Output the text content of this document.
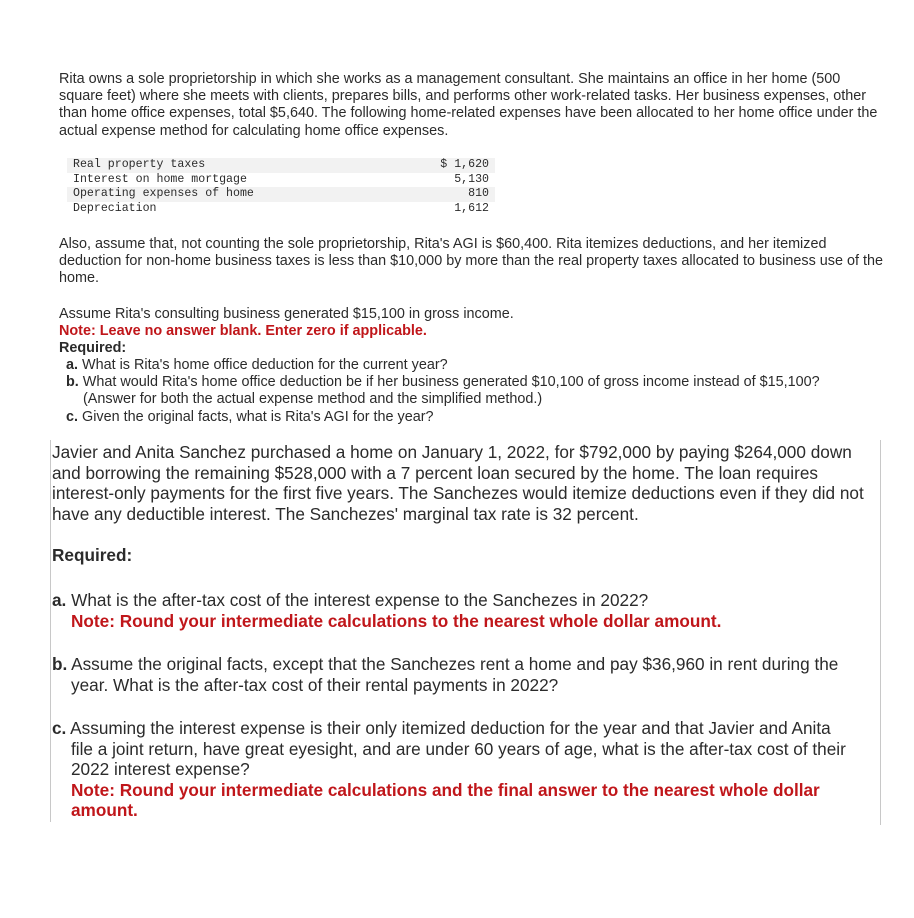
Rita owns a sole proprietorship in which she works as a management consultant. She maintains an office in her home (500 square feet) where she meets with clients, prepares bills, and performs other work-related tasks. Her business expenses, other than home office expenses, total $5,640. The following home-related expenses have been allocated to her home office under the actual expense method for calculating home office expenses.

Real property taxes	$ 1,620
Interest on home mortgage	5,130
Operating expenses of home	810
Depreciation	1,612

Also, assume that, not counting the sole proprietorship, Rita's AGI is $60,400. Rita itemizes deductions, and her itemized deduction for non-home business taxes is less than $10,000 by more than the real property taxes allocated to business use of the home.

Assume Rita's consulting business generated $15,100 in gross income.

Note: Leave no answer blank. Enter zero if applicable.

Required:

a. What is Rita's home office deduction for the current year?

b. What would Rita's home office deduction be if her business generated $10,100 of gross income instead of $15,100?
(Answer for both the actual expense method and the simplified method.)

c. Given the original facts, what is Rita's AGI for the year?

Javier and Anita Sanchez purchased a home on January 1, 2022, for $792,000 by paying $264,000 down and borrowing the remaining $528,000 with a 7 percent loan secured by the home. The loan requires interest-only payments for the first five years. The Sanchezes would itemize deductions even if they did not have any deductible interest. The Sanchezes' marginal tax rate is 32 percent.

Required:

a. What is the after-tax cost of the interest expense to the Sanchezes in 2022?
Note: Round your intermediate calculations to the nearest whole dollar amount.

b. Assume the original facts, except that the Sanchezes rent a home and pay $36,960 in rent during the
year. What is the after-tax cost of their rental payments in 2022?

c. Assuming the interest expense is their only itemized deduction for the year and that Javier and Anita
file a joint return, have great eyesight, and are under 60 years of age, what is the after-tax cost of their 2022 interest expense?
Note: Round your intermediate calculations and the final answer to the nearest whole dollar amount.
